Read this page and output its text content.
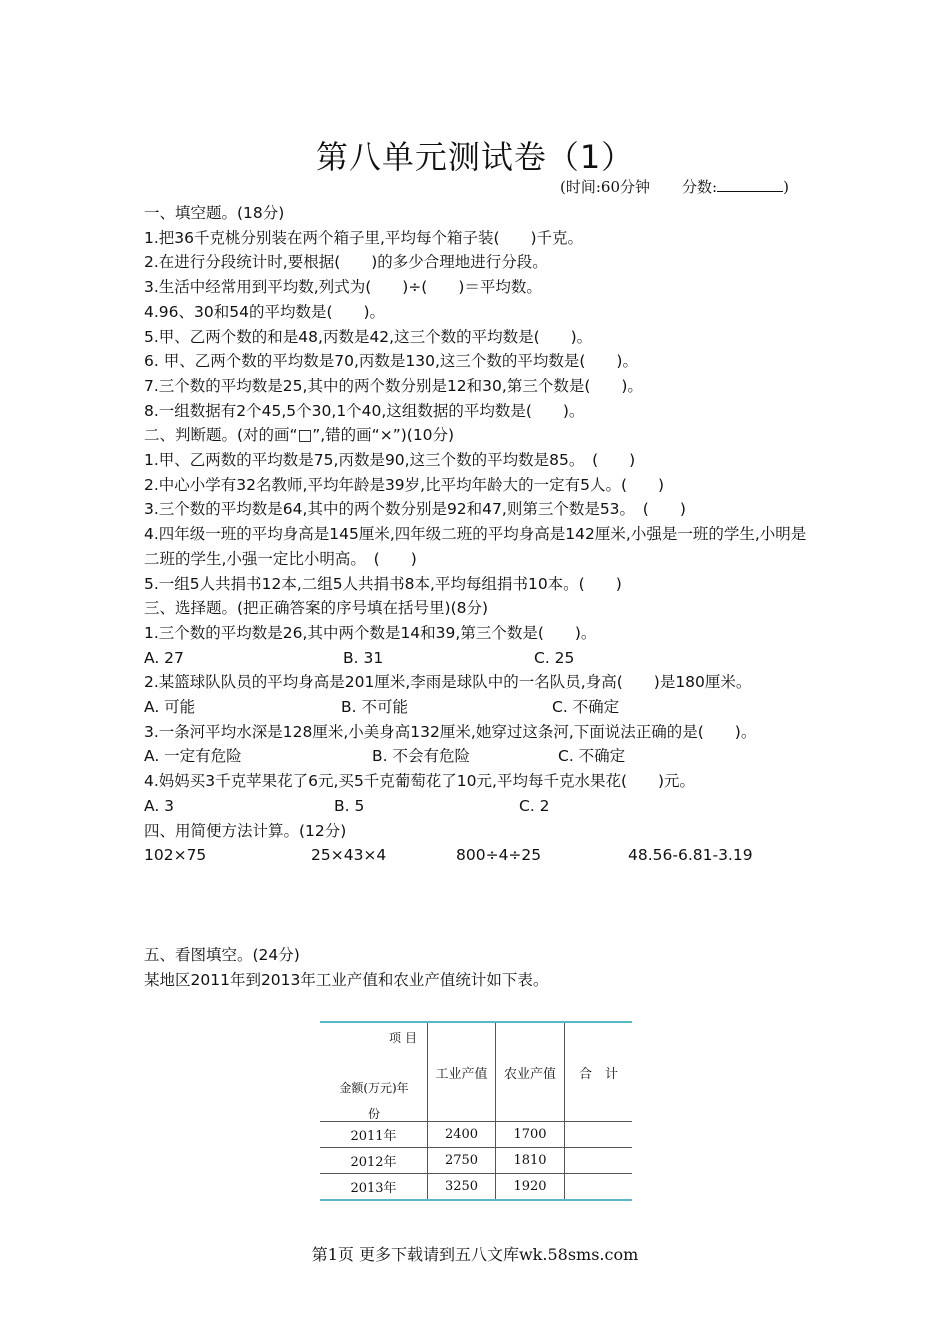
第八单元测试卷（1）
(时间:60分钟 分数:	)
一、填空题。(18分)
1.把36千克桃分别装在两个箱子里,平均每个箱子装(　　)千克。
2.在进行分段统计时,要根据(　　)的多少合理地进行分段。
3.生活中经常用到平均数,列式为(　　)÷(　　)＝平均数。
4.96、30和54的平均数是(　　)。
5.甲、乙两个数的和是48,丙数是42,这三个数的平均数是(　　)。
6. 甲、乙两个数的平均数是70,丙数是130,这三个数的平均数是(　　)。
7.三个数的平均数是25,其中的两个数分别是12和30,第三个数是(　　)。
8.一组数据有2个45,5个30,1个40,这组数据的平均数是(　　)。
二、判断题。(对的画“□”,错的画“×”)(10分)
1.甲、乙两数的平均数是75,丙数是90,这三个数的平均数是85。　(　　)
2.中心小学有32名教师,平均年龄是39岁,比平均年龄大的一定有5人。(　　)
3.三个数的平均数是64,其中的两个数分别是92和47,则第三个数是53。　(　　)
4.四年级一班的平均身高是145厘米,四年级二班的平均身高是142厘米,小强是一班的学生,小明是二班的学生,小强一定比小明高。　(　　)
5.一组5人共捐书12本,二组5人共捐书8本,平均每组捐书10本。(　　)
三、选择题。(把正确答案的序号填在括号里)(8分)
1.三个数的平均数是26,其中两个数是14和39,第三个数是(　　)。
A. 27	B. 31	C. 25
2.某篮球队队员的平均身高是201厘米,李雨是球队中的一名队员,身高(　　)是180厘米。
A. 可能	B. 不可能	C. 不确定
3.一条河平均水深是128厘米,小美身高132厘米,她穿过这条河,下面说法正确的是(　　)。
A. 一定有危险	B. 不会有危险	C. 不确定
4.妈妈买3千克苹果花了6元,买5千克葡萄花了10元,平均每千克水果花(　　)元。
A. 3	B. 5	C. 2
四、用简便方法计算。(12分)
102×75	25×43×4	800÷4÷25	48.56-6.81-3.19
五、看图填空。(24分)
某地区2011年到2013年工业产值和农业产值统计如下表。
项目
金额(万元)年份	工业产值	农业产值	合　计
2011年	2400	1700	
2012年	2750	1810	
2013年	3250	1920	
第1页 更多下载请到五八文库wk.58sms.com
